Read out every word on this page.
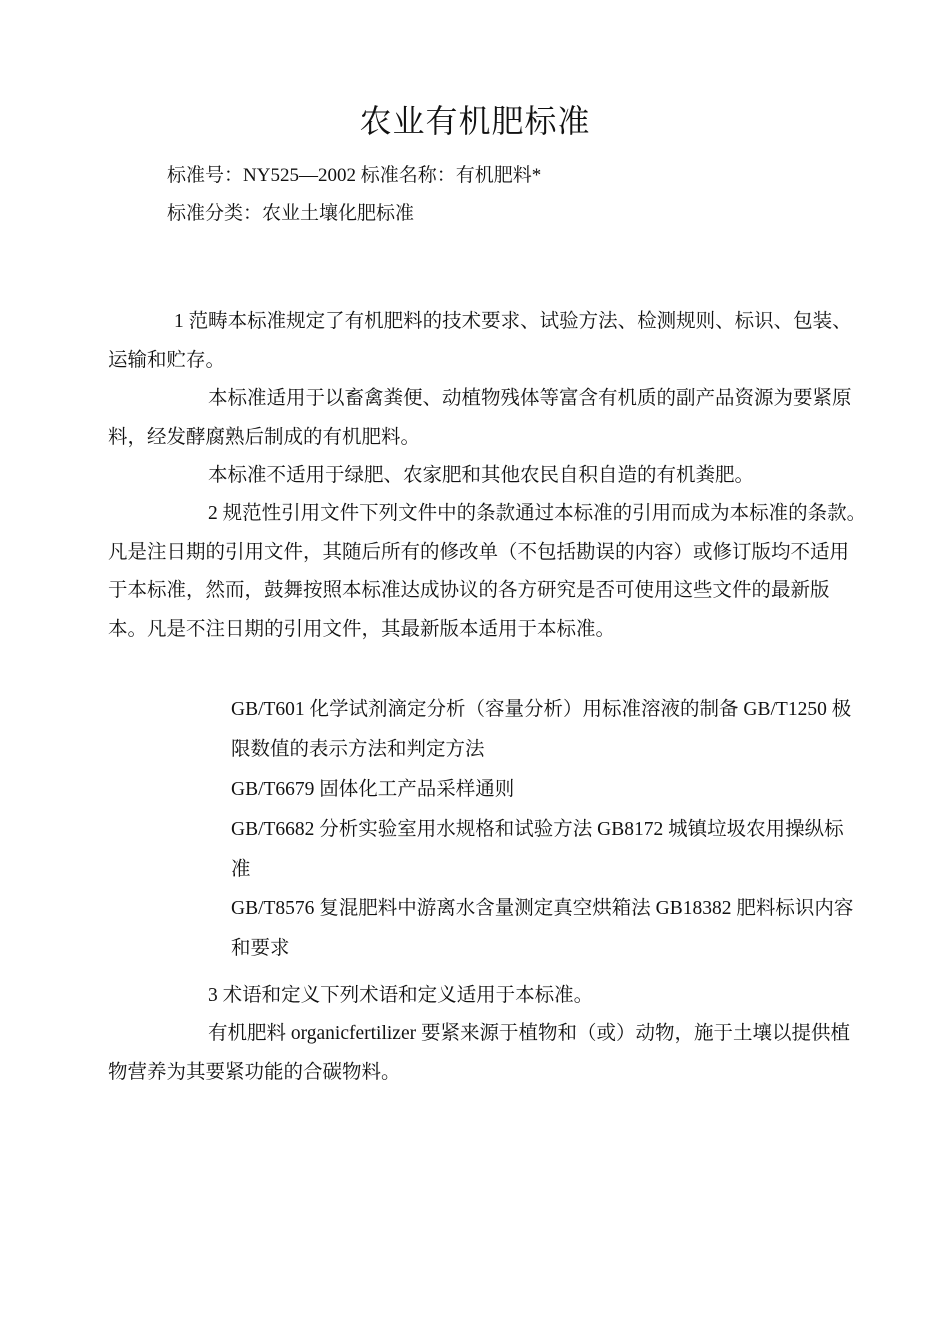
农业有机肥标准
标准号：NY525—2002 标准名称：有机肥料*
标准分类：农业土壤化肥标准
1 范畴本标准规定了有机肥料的技术要求、试验方法、检测规则、标识、包装、运输和贮存。
本标准适用于以畜禽粪便、动植物残体等富含有机质的副产品资源为要紧原料，经发酵腐熟后制成的有机肥料。
本标准不适用于绿肥、农家肥和其他农民自积自造的有机粪肥。
2 规范性引用文件下列文件中的条款通过本标准的引用而成为本标准的条款。凡是注日期的引用文件，其随后所有的修改单（不包括勘误的内容）或修订版均不适用于本标准，然而，鼓舞按照本标准达成协议的各方研究是否可使用这些文件的最新版本。凡是不注日期的引用文件，其最新版本适用于本标准。
GB/T601 化学试剂滴定分析（容量分析）用标准溶液的制备 GB/T1250 极限数值的表示方法和判定方法
GB/T6679 固体化工产品采样通则
GB/T6682 分析实验室用水规格和试验方法 GB8172 城镇垃圾农用操纵标准
GB/T8576 复混肥料中游离水含量测定真空烘箱法 GB18382 肥料标识内容和要求
3 术语和定义下列术语和定义适用于本标准。
有机肥料 organicfertilizer 要紧来源于植物和（或）动物，施于土壤以提供植物营养为其要紧功能的合碳物料。
